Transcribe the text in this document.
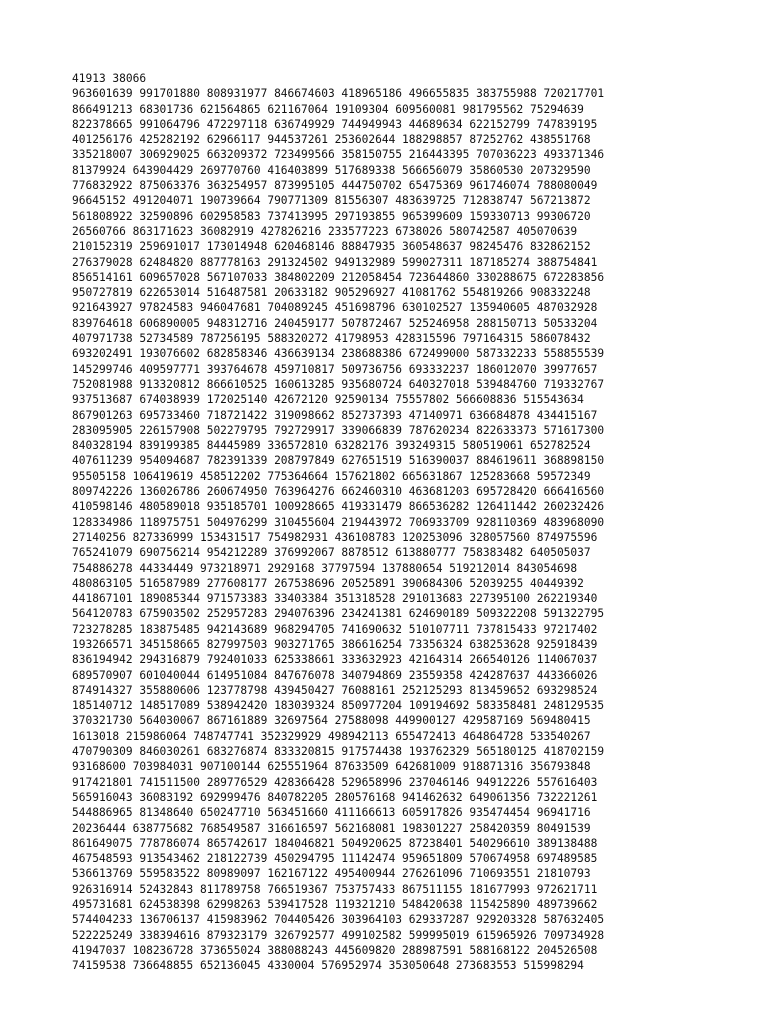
41913 38066
963601639 991701880 808931977 846674603 418965186 496655835 383755988 720217701
866491213 68301736 621564865 621167064 19109304 609560081 981795562 75294639
822378665 991064796 472297118 636749929 744949943 44689634 622152799 747839195
401256176 425282192 62966117 944537261 253602644 188298857 87252762 438551768
335218007 306929025 663209372 723499566 358150755 216443395 707036223 493371346
81379924 643904429 269770760 416403899 517689338 566656079 35860530 207329590
776832922 875063376 363254957 873995105 444750702 65475369 961746074 788080049
96645152 491204071 190739664 790771309 81556307 483639725 712838747 567213872
561808922 32590896 602958583 737413995 297193855 965399609 159330713 99306720
26560766 863171623 36082919 427826216 233577223 6738026 580742587 405070639
210152319 259691017 173014948 620468146 88847935 360548637 98245476 832862152
276379028 62484820 887778163 291324502 949132989 599027311 187185274 388754841
856514161 609657028 567107033 384802209 212058454 723644860 330288675 672283856
950727819 622653014 516487581 20633182 905296927 41081762 554819266 908332248
921643927 97824583 946047681 704089245 451698796 630102527 135940605 487032928
839764618 606890005 948312716 240459177 507872467 525246958 288150713 50533204
407971738 52734589 787256195 588320272 41798953 428315596 797164315 586078432
693202491 193076602 682858346 436639134 238688386 672499000 587332233 558855539
145299746 409597771 393764678 459710817 509736756 693332237 186012070 39977657
752081988 913320812 866610525 160613285 935680724 640327018 539484760 719332767
937513687 674038939 172025140 42672120 92590134 75557802 566608836 515543634
867901263 695733460 718721422 319098662 852737393 47140971 636684878 434415167
283095905 226157908 502279795 792729917 339066839 787620234 822633373 571617300
840328194 839199385 84445989 336572810 63282176 393249315 580519061 652782524
407611239 954094687 782391339 208797849 627651519 516390037 884619611 368898150
95505158 106419619 458512202 775364664 157621802 665631867 125283668 59572349
809742226 136026786 260674950 763964276 662460310 463681203 695728420 666416560
410598146 480589018 935185701 100928665 419331479 866536282 126411442 260232426
128334986 118975751 504976299 310455604 219443972 706933709 928110369 483968090
27140256 827336999 153431517 754982931 436108783 120253096 328057560 874975596
765241079 690756214 954212289 376992067 8878512 613880777 758383482 640505037
754886278 44334449 973218971 2929168 37797594 137880654 519212014 843054698
480863105 516587989 277608177 267538696 20525891 390684306 52039255 40449392
441867101 189085344 971573383 33403384 351318528 291013683 227395100 262219340
564120783 675903502 252957283 294076396 234241381 624690189 509322208 591322795
723278285 183875485 942143689 968294705 741690632 510107711 737815433 97217402
193266571 345158665 827997503 903271765 386616254 73356324 638253628 925918439
836194942 294316879 792401033 625338661 333632923 42164314 266540126 114067037
689570907 601040044 614951084 847676078 340794869 23559358 424287637 443366026
874914327 355880606 123778798 439450427 76088161 252125293 813459652 693298524
185140712 148517089 538942420 183039324 850977204 109194692 583358481 248129535
370321730 564030067 867161889 32697564 27588098 449900127 429587169 569480415
1613018 215986064 748747741 352329929 498942113 655472413 464864728 533540267
470790309 846030261 683276874 833320815 917574438 193762329 565180125 418702159
93168600 703984031 907100144 625551964 87633509 642681009 918871316 356793848
917421801 741511500 289776529 428366428 529658996 237046146 94912226 557616403
565916043 36083192 692999476 840782205 280576168 941462632 649061356 732221261
544886965 81348640 650247710 563451660 411166613 605917826 935474454 96941716
20236444 638775682 768549587 316616597 562168081 198301227 258420359 80491539
861649075 778786074 865742617 184046821 504920625 87238401 540296610 389138488
467548593 913543462 218122739 450294795 11142474 959651809 570674958 697489585
536613769 559583522 80989097 162167122 495400944 276261096 710693551 21810793
926316914 52432843 811789758 766519367 753757433 867511155 181677993 972621711
495731681 624538398 62998263 539417528 119321210 548420638 115425890 489739662
574404233 136706137 415983962 704405426 303964103 629337287 929203328 587632405
522225249 338394616 879323179 326792577 499102582 599995019 615965926 709734928
41947037 108236728 373655024 388088243 445609820 288987591 588168122 204526508
74159538 736648855 652136045 4330004 576952974 353050648 273683553 515998294
